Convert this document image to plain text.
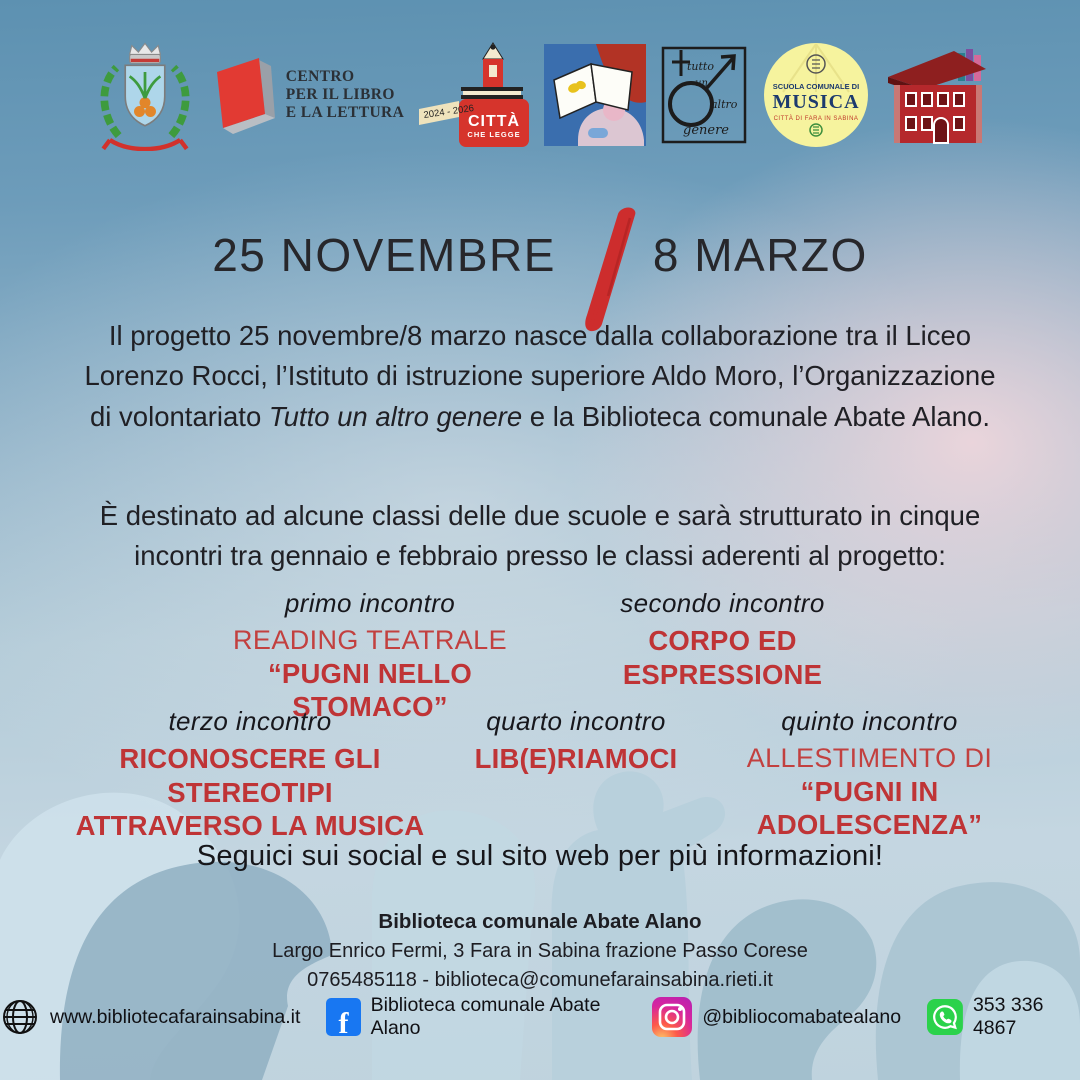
CENTRO
PER IL LIBRO
E LA LETTURA 2024 - 2026
CITTÀ
CHE LEGGE
tutto
un
altro
genere
SCUOLA COMUNALE DI
MUSICA
CITTÀ DI FARA IN SABINA
25 NOVEMBRE 8 MARZO
Il progetto 25 novembre/8 marzo nasce dalla collaborazione tra il Liceo Lorenzo Rocci, l’Istituto di istruzione superiore Aldo Moro, l’Organizzazione di volontariato Tutto un altro genere e la Biblioteca comunale Abate Alano.
È destinato ad alcune classi delle due scuole e sarà strutturato in cinque incontri tra gennaio e febbraio presso le classi aderenti al progetto:
primo incontro
READING TEATRALE
“PUGNI NELLO STOMACO”
secondo incontro
CORPO ED ESPRESSIONE
terzo incontro
RICONOSCERE GLI STEREOTIPI
ATTRAVERSO LA MUSICA
quarto incontro
LIB(E)RIAMOCI
quinto incontro
ALLESTIMENTO DI
“PUGNI IN ADOLESCENZA”
Seguici sui social e sul sito web per più informazioni!
Biblioteca comunale Abate Alano
Largo Enrico Fermi, 3 Fara in Sabina frazione Passo Corese
0765485118 - biblioteca@comunefarainsabina.rieti.it
www.bibliotecafarainsabina.it f
Biblioteca comunale Abate Alano
@bibliocomabatealano
353 336 4867
